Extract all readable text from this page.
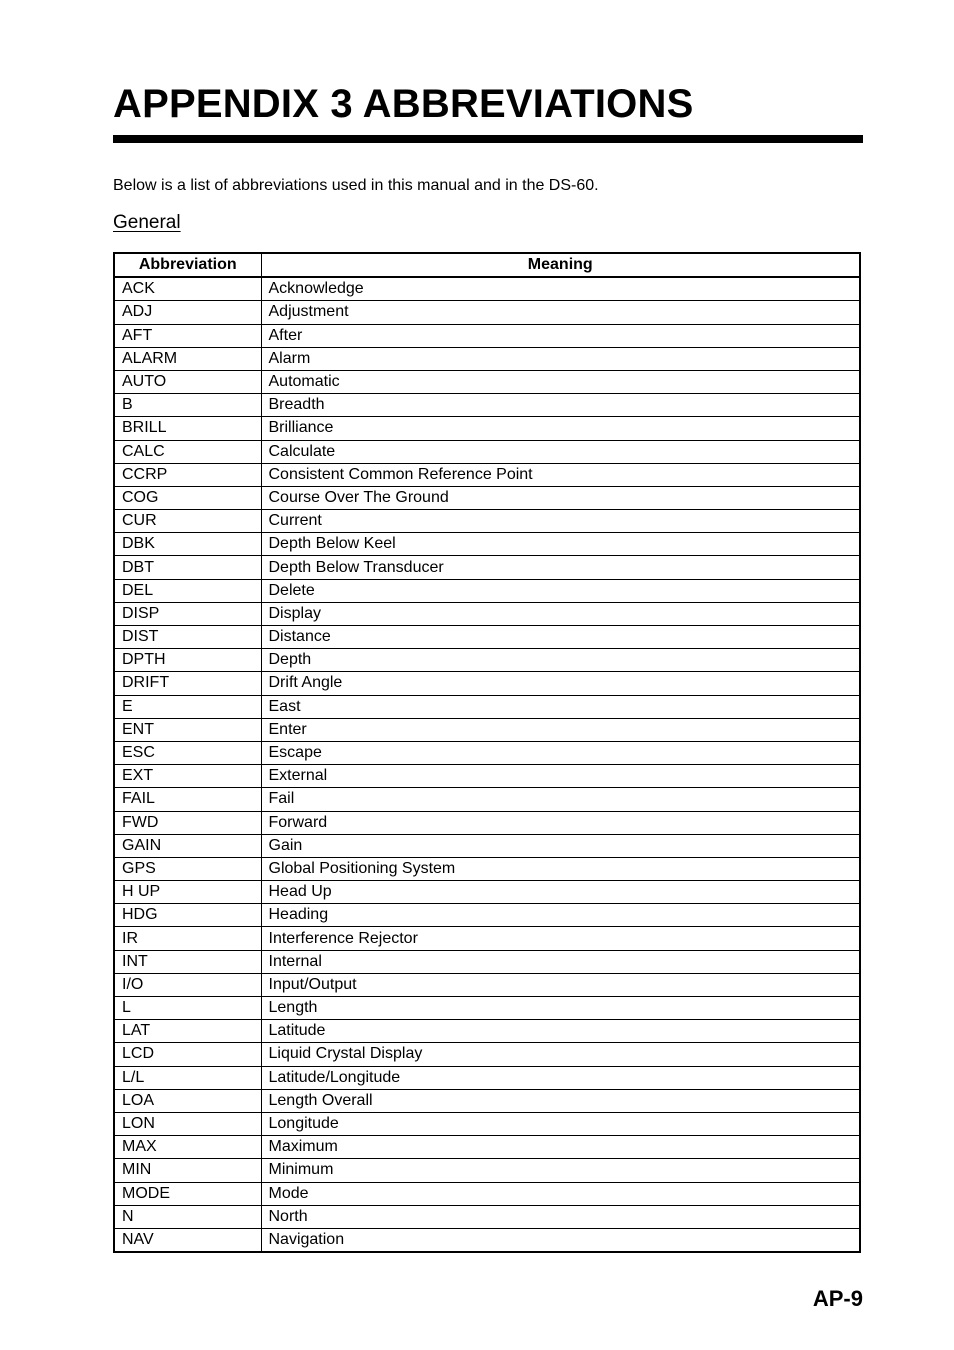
APPENDIX 3 ABBREVIATIONS

Below is a list of abbreviations used in this manual and in the DS-60.

General
Abbreviation	Meaning
ACK	Acknowledge
ADJ	Adjustment
AFT	After
ALARM	Alarm
AUTO	Automatic
B	Breadth
BRILL	Brilliance
CALC	Calculate
CCRP	Consistent Common Reference Point
COG	Course Over The Ground
CUR	Current
DBK	Depth Below Keel
DBT	Depth Below Transducer
DEL	Delete
DISP	Display
DIST	Distance
DPTH	Depth
DRIFT	Drift Angle
E	East
ENT	Enter
ESC	Escape
EXT	External
FAIL	Fail
FWD	Forward
GAIN	Gain
GPS	Global Positioning System
H UP	Head Up
HDG	Heading
IR	Interference Rejector
INT	Internal
I/O	Input/Output
L	Length
LAT	Latitude
LCD	Liquid Crystal Display
L/L	Latitude/Longitude
LOA	Length Overall
LON	Longitude
MAX	Maximum
MIN	Minimum
MODE	Mode
N	North
NAV	Navigation
AP-9
